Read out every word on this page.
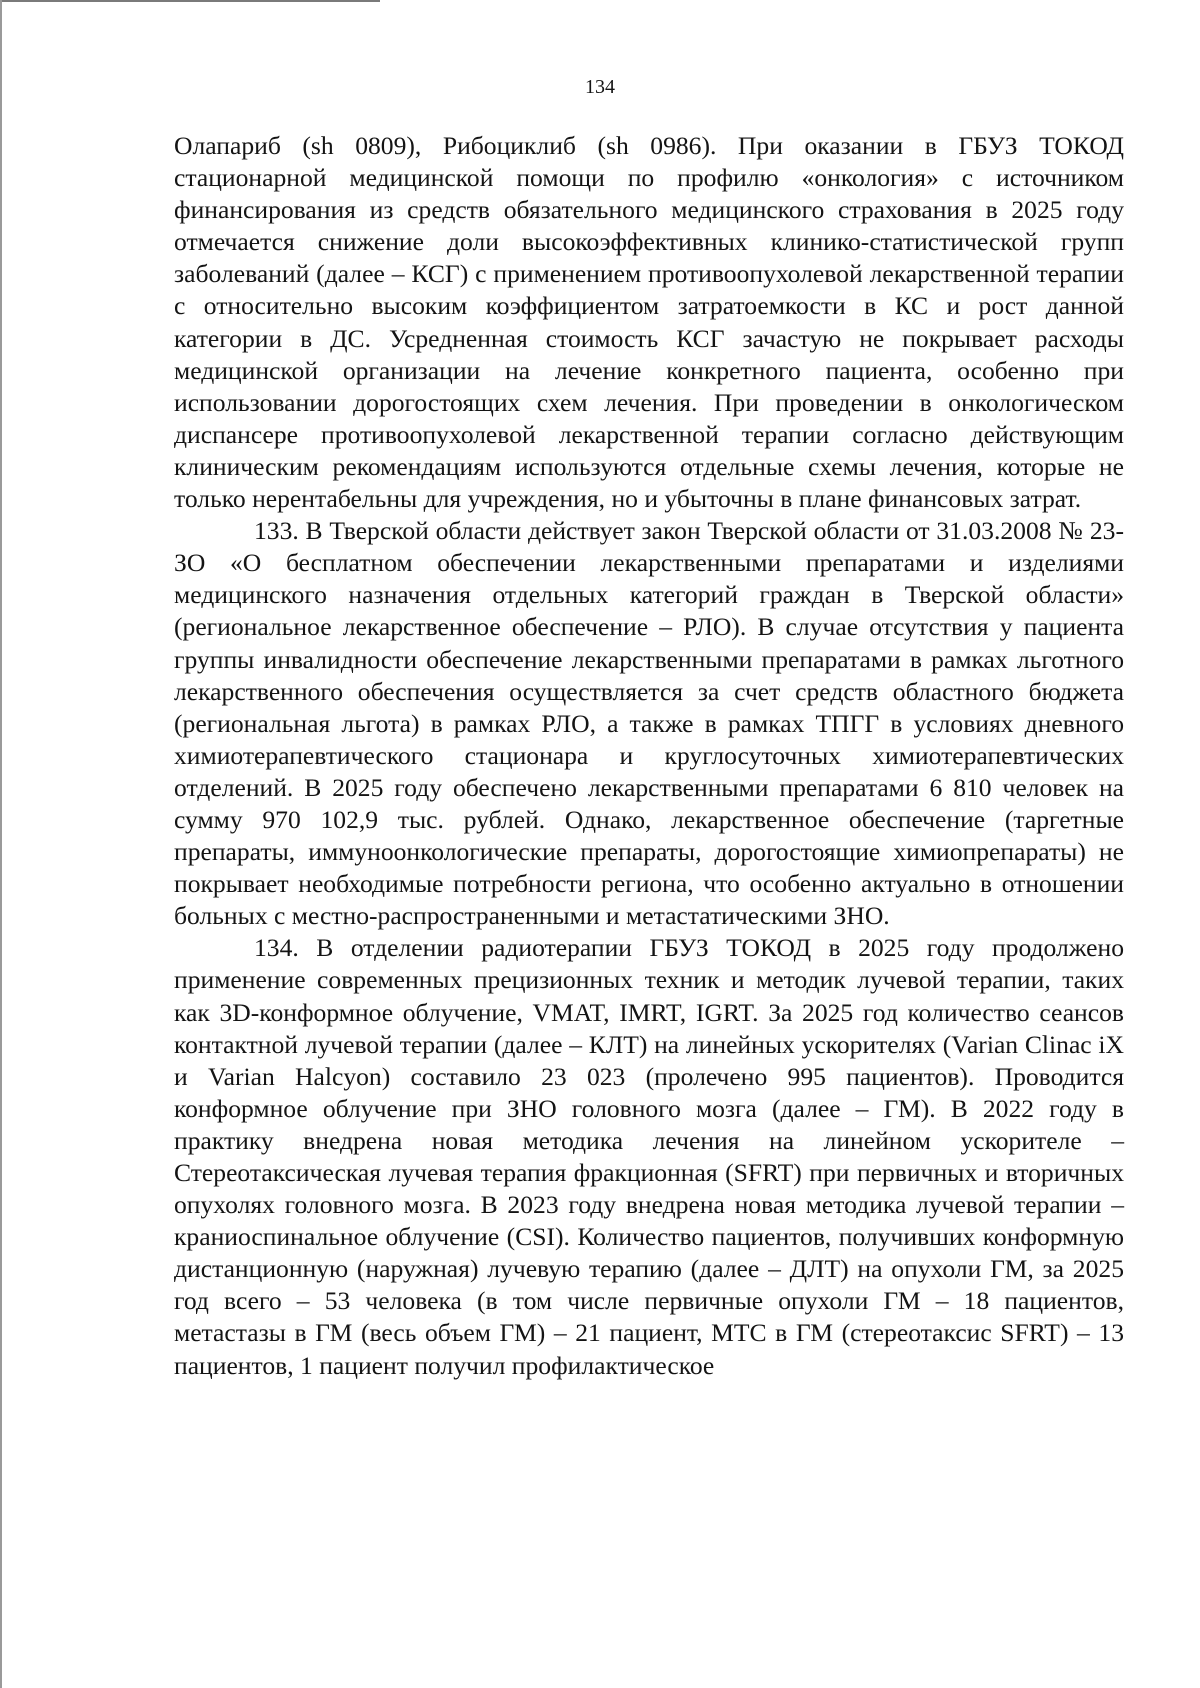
134

Олапариб (sh 0809), Рибоциклиб (sh 0986). При оказании в ГБУЗ ТОКОД стационарной медицинской помощи по профилю «онкология» с источником финансирования из средств обязательного медицинского страхования в 2025 году отмечается снижение доли высокоэффективных клинико-статистической групп заболеваний (далее – КСГ) с применением противоопухолевой лекарственной терапии с относительно высоким коэффициентом затратоемкости в КС и рост данной категории в ДС. Усредненная стоимость КСГ зачастую не покрывает расходы медицинской организации на лечение конкретного пациента, особенно при использовании дорогостоящих схем лечения. При проведении в онкологическом диспансере противоопухолевой лекарственной терапии согласно действующим клиническим рекомендациям используются отдельные схемы лечения, которые не только нерентабельны для учреждения, но и убыточны в плане финансовых затрат.

133. В Тверской области действует закон Тверской области от 31.03.2008 № 23-ЗО «О бесплатном обеспечении лекарственными препаратами и изделиями медицинского назначения отдельных категорий граждан в Тверской области» (региональное лекарственное обеспечение – РЛО). В случае отсутствия у пациента группы инвалидности обеспечение лекарственными препаратами в рамках льготного лекарственного обеспечения осуществляется за счет средств областного бюджета (региональная льгота) в рамках РЛО, а также в рамках ТПГГ в условиях дневного химиотерапевтического стационара и круглосуточных химиотерапевтических отделений. В 2025 году обеспечено лекарственными препаратами 6 810 человек на сумму 970 102,9 тыс. рублей. Однако, лекарственное обеспечение (таргетные препараты, иммуноонкологические препараты, дорогостоящие химиопрепараты) не покрывает необходимые потребности региона, что особенно актуально в отношении больных с местно-распространенными и метастатическими ЗНО.

134. В отделении радиотерапии ГБУЗ ТОКОД в 2025 году продолжено применение современных прецизионных техник и методик лучевой терапии, таких как 3D-конформное облучение, VMAT, IMRT, IGRT. За 2025 год количество сеансов контактной лучевой терапии (далее – КЛТ) на линейных ускорителях (Varian Clinac iX и Varian Halcyon) составило 23 023 (пролечено 995 пациентов). Проводится конформное облучение при ЗНО головного мозга (далее – ГМ). В 2022 году в практику внедрена новая методика лечения на линейном ускорителе – Стереотаксическая лучевая терапия фракционная (SFRT) при первичных и вторичных опухолях головного мозга. В 2023 году внедрена новая методика лучевой терапии – краниоспинальное облучение (CSI). Количество пациентов, получивших конформную дистанционную (наружная) лучевую терапию (далее – ДЛТ) на опухоли ГМ, за 2025 год всего – 53 человека (в том числе первичные опухоли ГМ – 18 пациентов, метастазы в ГМ (весь объем ГМ) – 21 пациент, МТС в ГМ (стереотаксис SFRT) – 13 пациентов, 1 пациент получил профилактическое
